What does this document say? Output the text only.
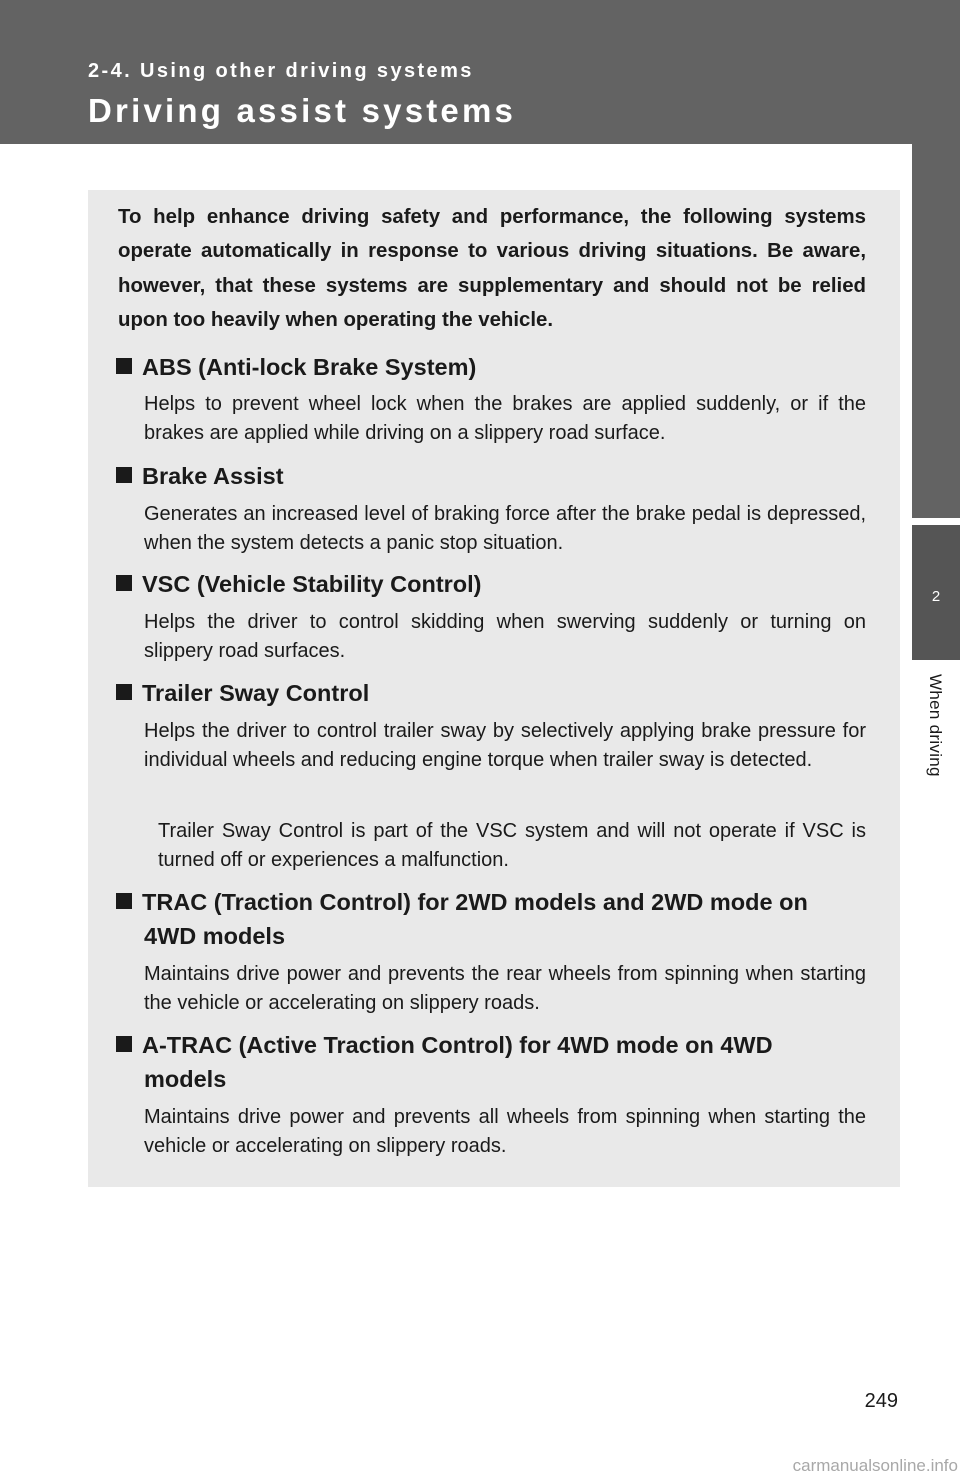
2-4. Using other driving systems
Driving assist systems
2
When driving

To help enhance driving safety and performance, the following systems operate automatically in response to various driving situations. Be aware, however, that these systems are supplementary and should not be relied upon too heavily when operating the vehicle.

ABS (Anti-lock Brake System)

Helps to prevent wheel lock when the brakes are applied suddenly, or if the brakes are applied while driving on a slippery road surface.

Brake Assist

Generates an increased level of braking force after the brake pedal is depressed, when the system detects a panic stop situation.

VSC (Vehicle Stability Control)

Helps the driver to control skidding when swerving suddenly or turning on slippery road surfaces.

Trailer Sway Control

Helps the driver to control trailer sway by selectively applying brake pressure for individual wheels and reducing engine torque when trailer sway is detected.

Trailer Sway Control is part of the VSC system and will not operate if VSC is turned off or experiences a malfunction.

TRAC (Traction Control) for 2WD models and 2WD mode on
4WD models

Maintains drive power and prevents the rear wheels from spinning when starting the vehicle or accelerating on slippery roads.

A-TRAC (Active Traction Control) for 4WD mode on 4WD
models

Maintains drive power and prevents all wheels from spinning when starting the vehicle or accelerating on slippery roads.

249
carmanualsonline.info
